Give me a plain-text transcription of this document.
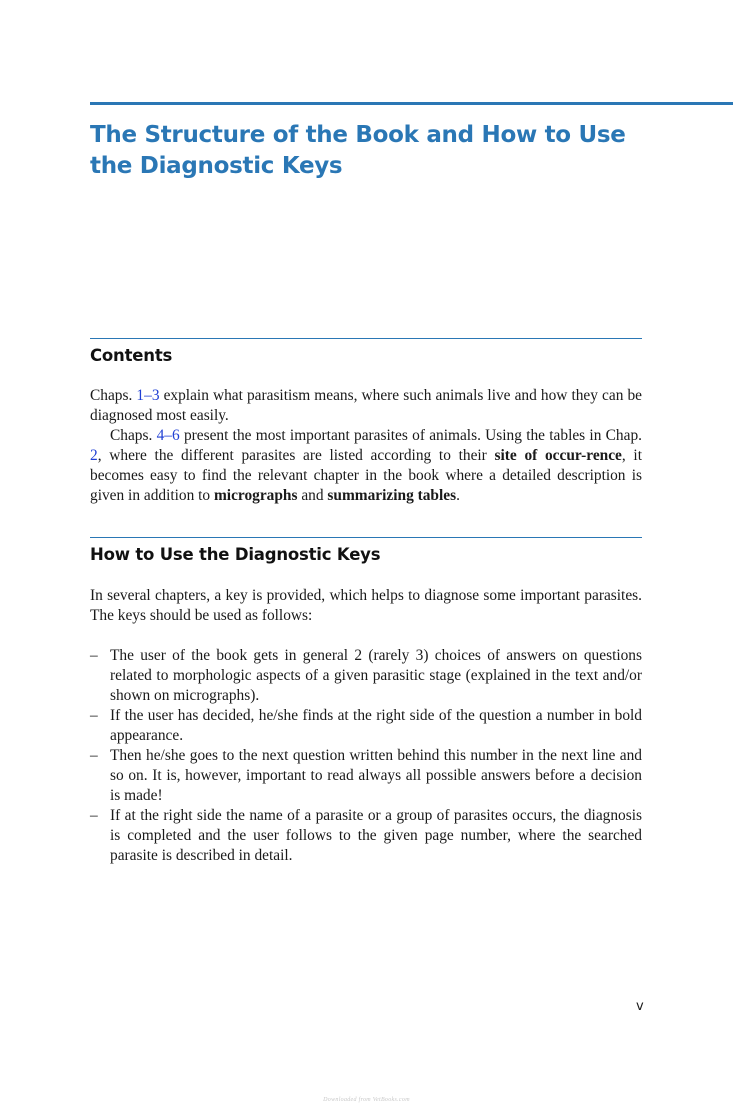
The Structure of the Book and How to Use the Diagnostic Keys
Contents

Chaps. 1–3 explain what parasitism means, where such animals live and how they can be diagnosed most easily.

Chaps. 4–6 present the most important parasites of animals. Using the tables in Chap. 2, where the different parasites are listed according to their site of occur-rence, it becomes easy to find the relevant chapter in the book where a detailed description is given in addition to micrographs and summarizing tables.

How to Use the Diagnostic Keys

In several chapters, a key is provided, which helps to diagnose some important parasites. The keys should be used as follows:

– The user of the book gets in general 2 (rarely 3) choices of answers on questions related to morphologic aspects of a given parasitic stage (explained in the text and/or shown on micrographs).
– If the user has decided, he/she finds at the right side of the question a number in bold appearance.
– Then he/she goes to the next question written behind this number in the next line and so on. It is, however, important to read always all possible answers before a decision is made!
– If at the right side the name of a parasite or a group of parasites occurs, the diagnosis is completed and the user follows to the given page number, where the searched parasite is described in detail.
v
Downloaded from VetBooks.com
